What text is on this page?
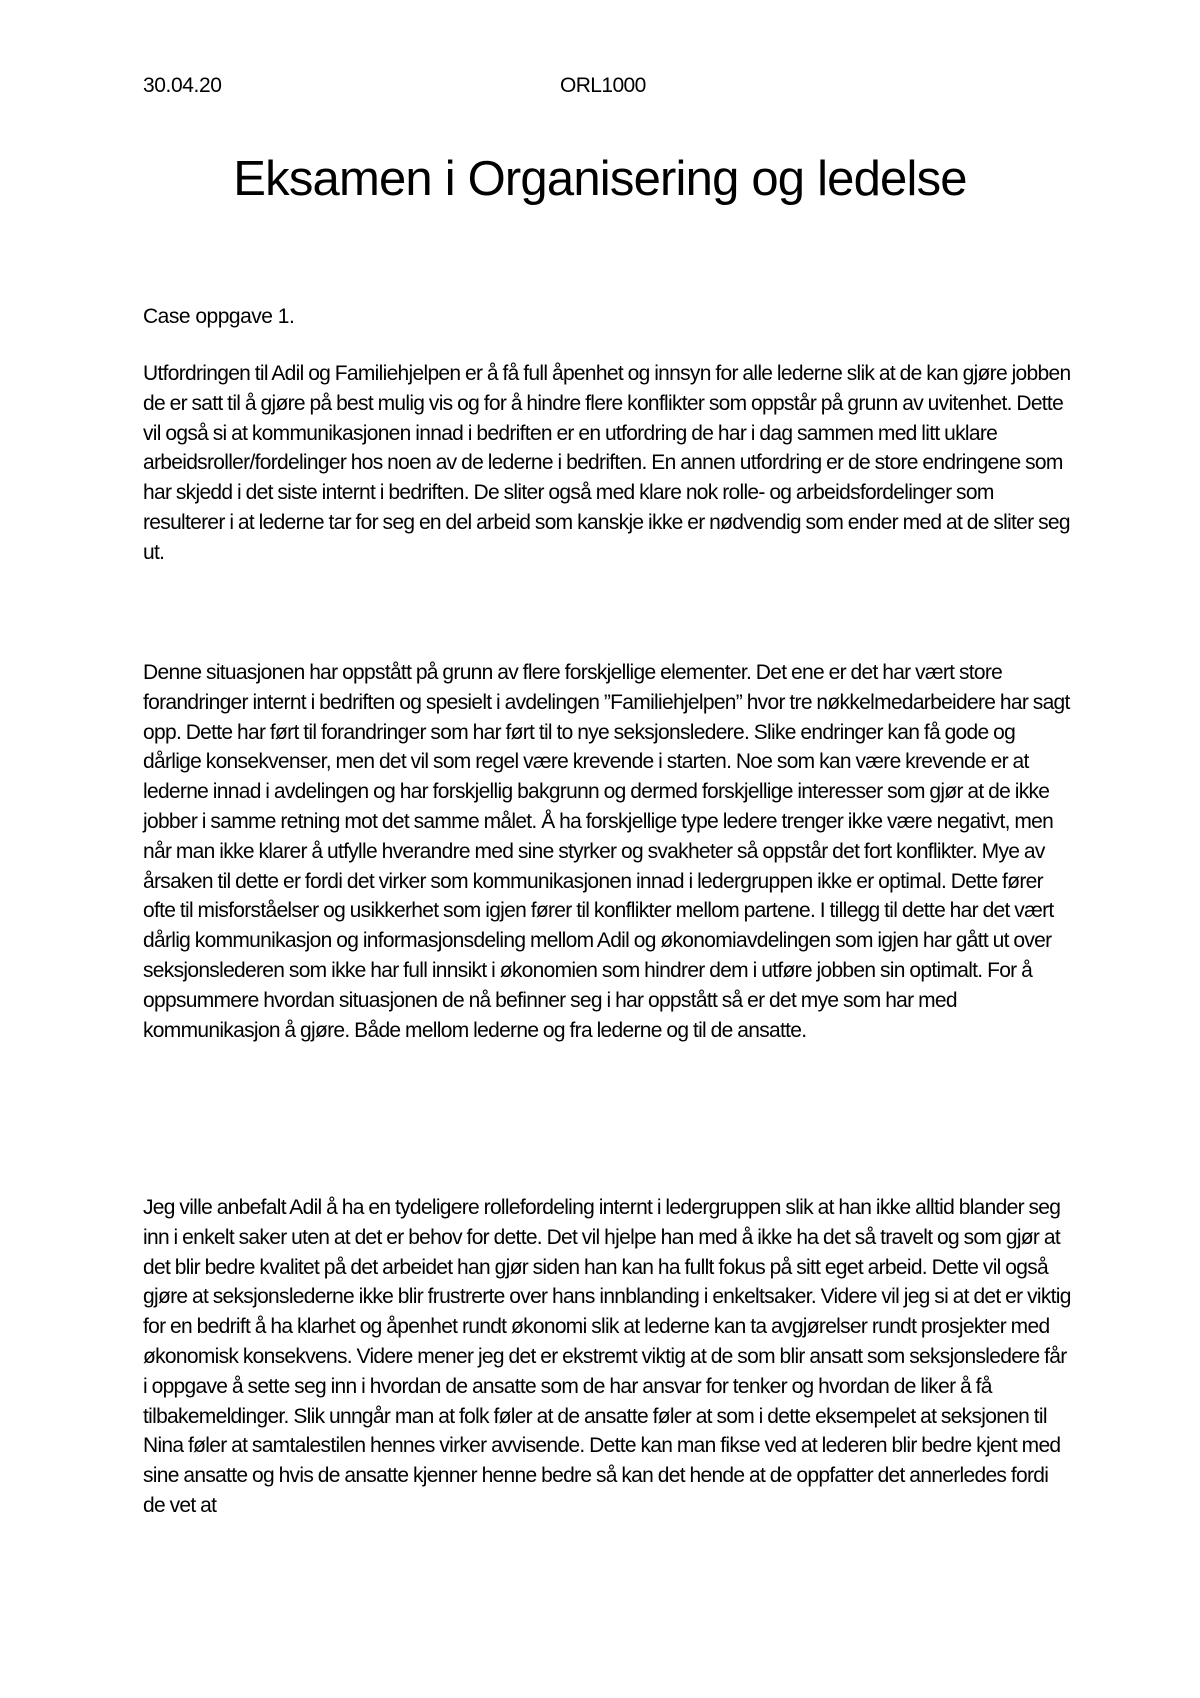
30.04.20	ORL1000
Eksamen i Organisering og ledelse
Case oppgave 1.

Utfordringen til Adil og Familiehjelpen er å få full åpenhet og innsyn for alle lederne slik at de kan gjøre jobben de er satt til å gjøre på best mulig vis og for å hindre flere konflikter som oppstår på grunn av uvitenhet. Dette vil også si at kommunikasjonen innad i bedriften er en utfordring de har i dag sammen med litt uklare arbeidsroller/fordelinger hos noen av de lederne i bedriften. En annen utfordring er de store endringene som har skjedd i det siste internt i bedriften. De sliter også med klare nok rolle- og arbeidsfordelinger som resulterer i at lederne tar for seg en del arbeid som kanskje ikke er nødvendig som ender med at de sliter seg ut.

Denne situasjonen har oppstått på grunn av flere forskjellige elementer. Det ene er det har vært store forandringer internt i bedriften og spesielt i avdelingen ”Familiehjelpen” hvor tre nøkkelmedarbeidere har sagt opp. Dette har ført til forandringer som har ført til to nye seksjonsledere. Slike endringer kan få gode og dårlige konsekvenser, men det vil som regel være krevende i starten. Noe som kan være krevende er at lederne innad i avdelingen og har forskjellig bakgrunn og dermed forskjellige interesser som gjør at de ikke jobber i samme retning mot det samme målet. Å ha forskjellige type ledere trenger ikke være negativt, men når man ikke klarer å utfylle hverandre med sine styrker og svakheter så oppstår det fort konflikter. Mye av årsaken til dette er fordi det virker som kommunikasjonen innad i ledergruppen ikke er optimal. Dette fører ofte til misforståelser og usikkerhet som igjen fører til konflikter mellom partene. I tillegg til dette har det vært dårlig kommunikasjon og informasjonsdeling mellom Adil og økonomiavdelingen som igjen har gått ut over seksjonslederen som ikke har full innsikt i økonomien som hindrer dem i utføre jobben sin optimalt. For å oppsummere hvordan situasjonen de nå befinner seg i har oppstått så er det mye som har med kommunikasjon å gjøre. Både mellom lederne og fra lederne og til de ansatte.

Jeg ville anbefalt Adil å ha en tydeligere rollefordeling internt i ledergruppen slik at han ikke alltid blander seg inn i enkelt saker uten at det er behov for dette. Det vil hjelpe han med å ikke ha det så travelt og som gjør at det blir bedre kvalitet på det arbeidet han gjør siden han kan ha fullt fokus på sitt eget arbeid. Dette vil også gjøre at seksjonslederne ikke blir frustrerte over hans innblanding i enkeltsaker. Videre vil jeg si at det er viktig for en bedrift å ha klarhet og åpenhet rundt økonomi slik at lederne kan ta avgjørelser rundt prosjekter med økonomisk konsekvens. Videre mener jeg det er ekstremt viktig at de som blir ansatt som seksjonsledere får i oppgave å sette seg inn i hvordan de ansatte som de har ansvar for tenker og hvordan de liker å få tilbakemeldinger. Slik unngår man at folk føler at de ansatte føler at som i dette eksempelet at seksjonen til Nina føler at samtalestilen hennes virker avvisende. Dette kan man fikse ved at lederen blir bedre kjent med sine ansatte og hvis de ansatte kjenner henne bedre så kan det hende at de oppfatter det annerledes fordi de vet at
